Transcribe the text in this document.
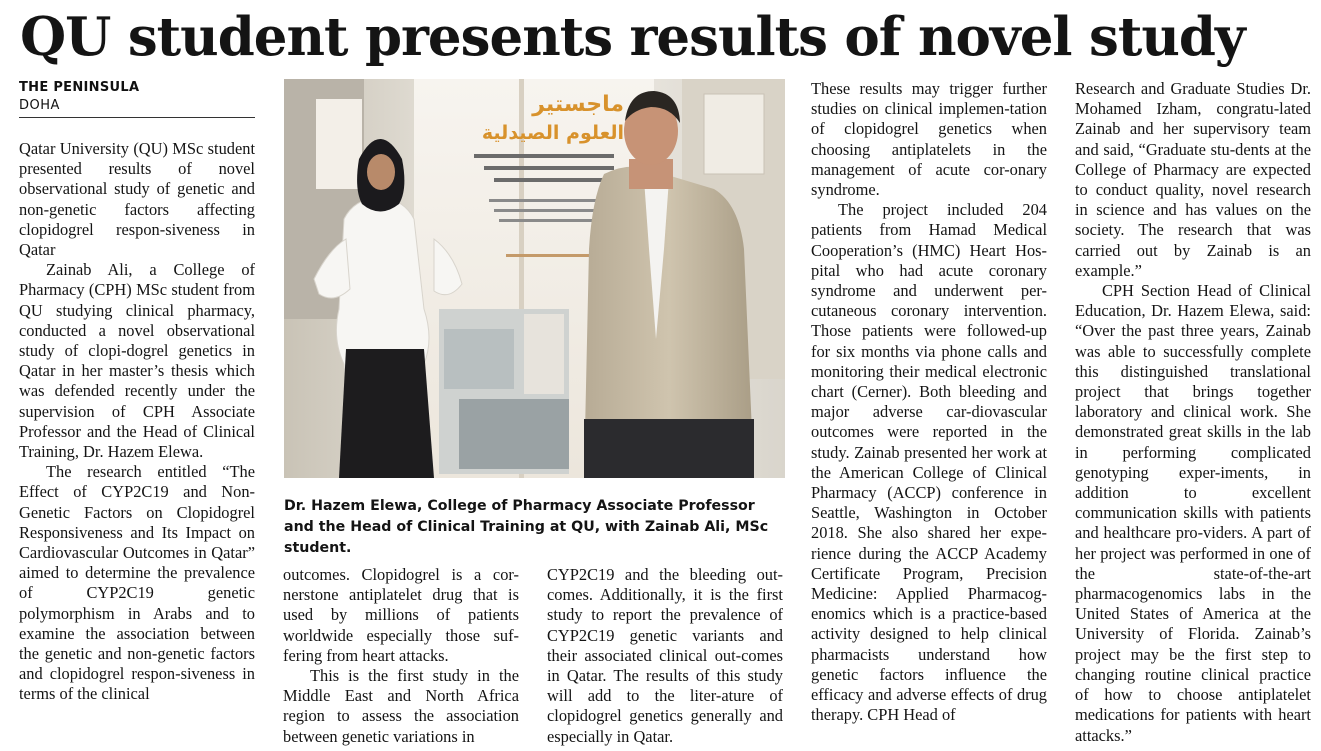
QU student presents results of novel study
THE PENINSULA
DOHA

Qatar University (QU) MSc student presented results of novel observational study of genetic and non-genetic factors affecting clopidogrel respon-siveness in Qatar

Zainab Ali, a College of Pharmacy (CPH) MSc student from QU studying clinical pharmacy, conducted a novel observational study of clopi-dogrel genetics in Qatar in her master’s thesis which was defended recently under the supervision of CPH Associate Professor and the Head of Clinical Training, Dr. Hazem Elewa.

The research entitled “The Effect of CYP2C19 and Non-Genetic Factors on Clopidogrel Responsiveness and Its Impact on Cardiovascular Outcomes in Qatar” aimed to determine the prevalence of CYP2C19 genetic polymorphism in Arabs and to examine the association between the genetic and non-genetic factors and clopidogrel respon-siveness in terms of the clinical

ماجستير
العلوم الصيدلية
Dr. Hazem Elewa, College of Pharmacy Associate Professor and the Head of Clinical Training at QU, with Zainab Ali, MSc student.

outcomes. Clopidogrel is a cor-nerstone antiplatelet drug that is used by millions of patients worldwide especially those suf-fering from heart attacks.

This is the first study in the Middle East and North Africa region to assess the association between genetic variations in

CYP2C19 and the bleeding out-comes. Additionally, it is the first study to report the prevalence of CYP2C19 genetic variants and their associated clinical out-comes in Qatar. The results of this study will add to the liter-ature of clopidogrel genetics generally and especially in Qatar.

These results may trigger further studies on clinical implemen-tation of clopidogrel genetics when choosing antiplatelets in the management of acute cor-onary syndrome.

The project included 204 patients from Hamad Medical Cooperation’s (HMC) Heart Hos-pital who had acute coronary syndrome and underwent per-cutaneous coronary intervention. Those patients were followed-up for six months via phone calls and monitoring their medical electronic chart (Cerner). Both bleeding and major adverse car-diovascular outcomes were reported in the study. Zainab presented her work at the American College of Clinical Pharmacy (ACCP) conference in Seattle, Washington in October 2018. She also shared her expe-rience during the ACCP Academy Certificate Program, Precision Medicine: Applied Pharmacog-enomics which is a practice-based activity designed to help clinical pharmacists understand how genetic factors influence the efficacy and adverse effects of drug therapy. CPH Head of

Research and Graduate Studies Dr. Mohamed Izham, congratu-lated Zainab and her supervisory team and said, “Graduate stu-dents at the College of Pharmacy are expected to conduct quality, novel research in science and has values on the society. The research that was carried out by Zainab is an example.”

CPH Section Head of Clinical Education, Dr. Hazem Elewa, said: “Over the past three years, Zainab was able to successfully complete this distinguished translational project that brings together laboratory and clinical work. She demonstrated great skills in the lab in performing complicated genotyping exper-iments, in addition to excellent communication skills with patients and healthcare pro-viders. A part of her project was performed in one of the state-of-the-art pharmacogenomics labs in the United States of America at the University of Florida. Zainab’s project may be the first step to changing routine clinical practice of how to choose antiplatelet medications for patients with heart attacks.”
